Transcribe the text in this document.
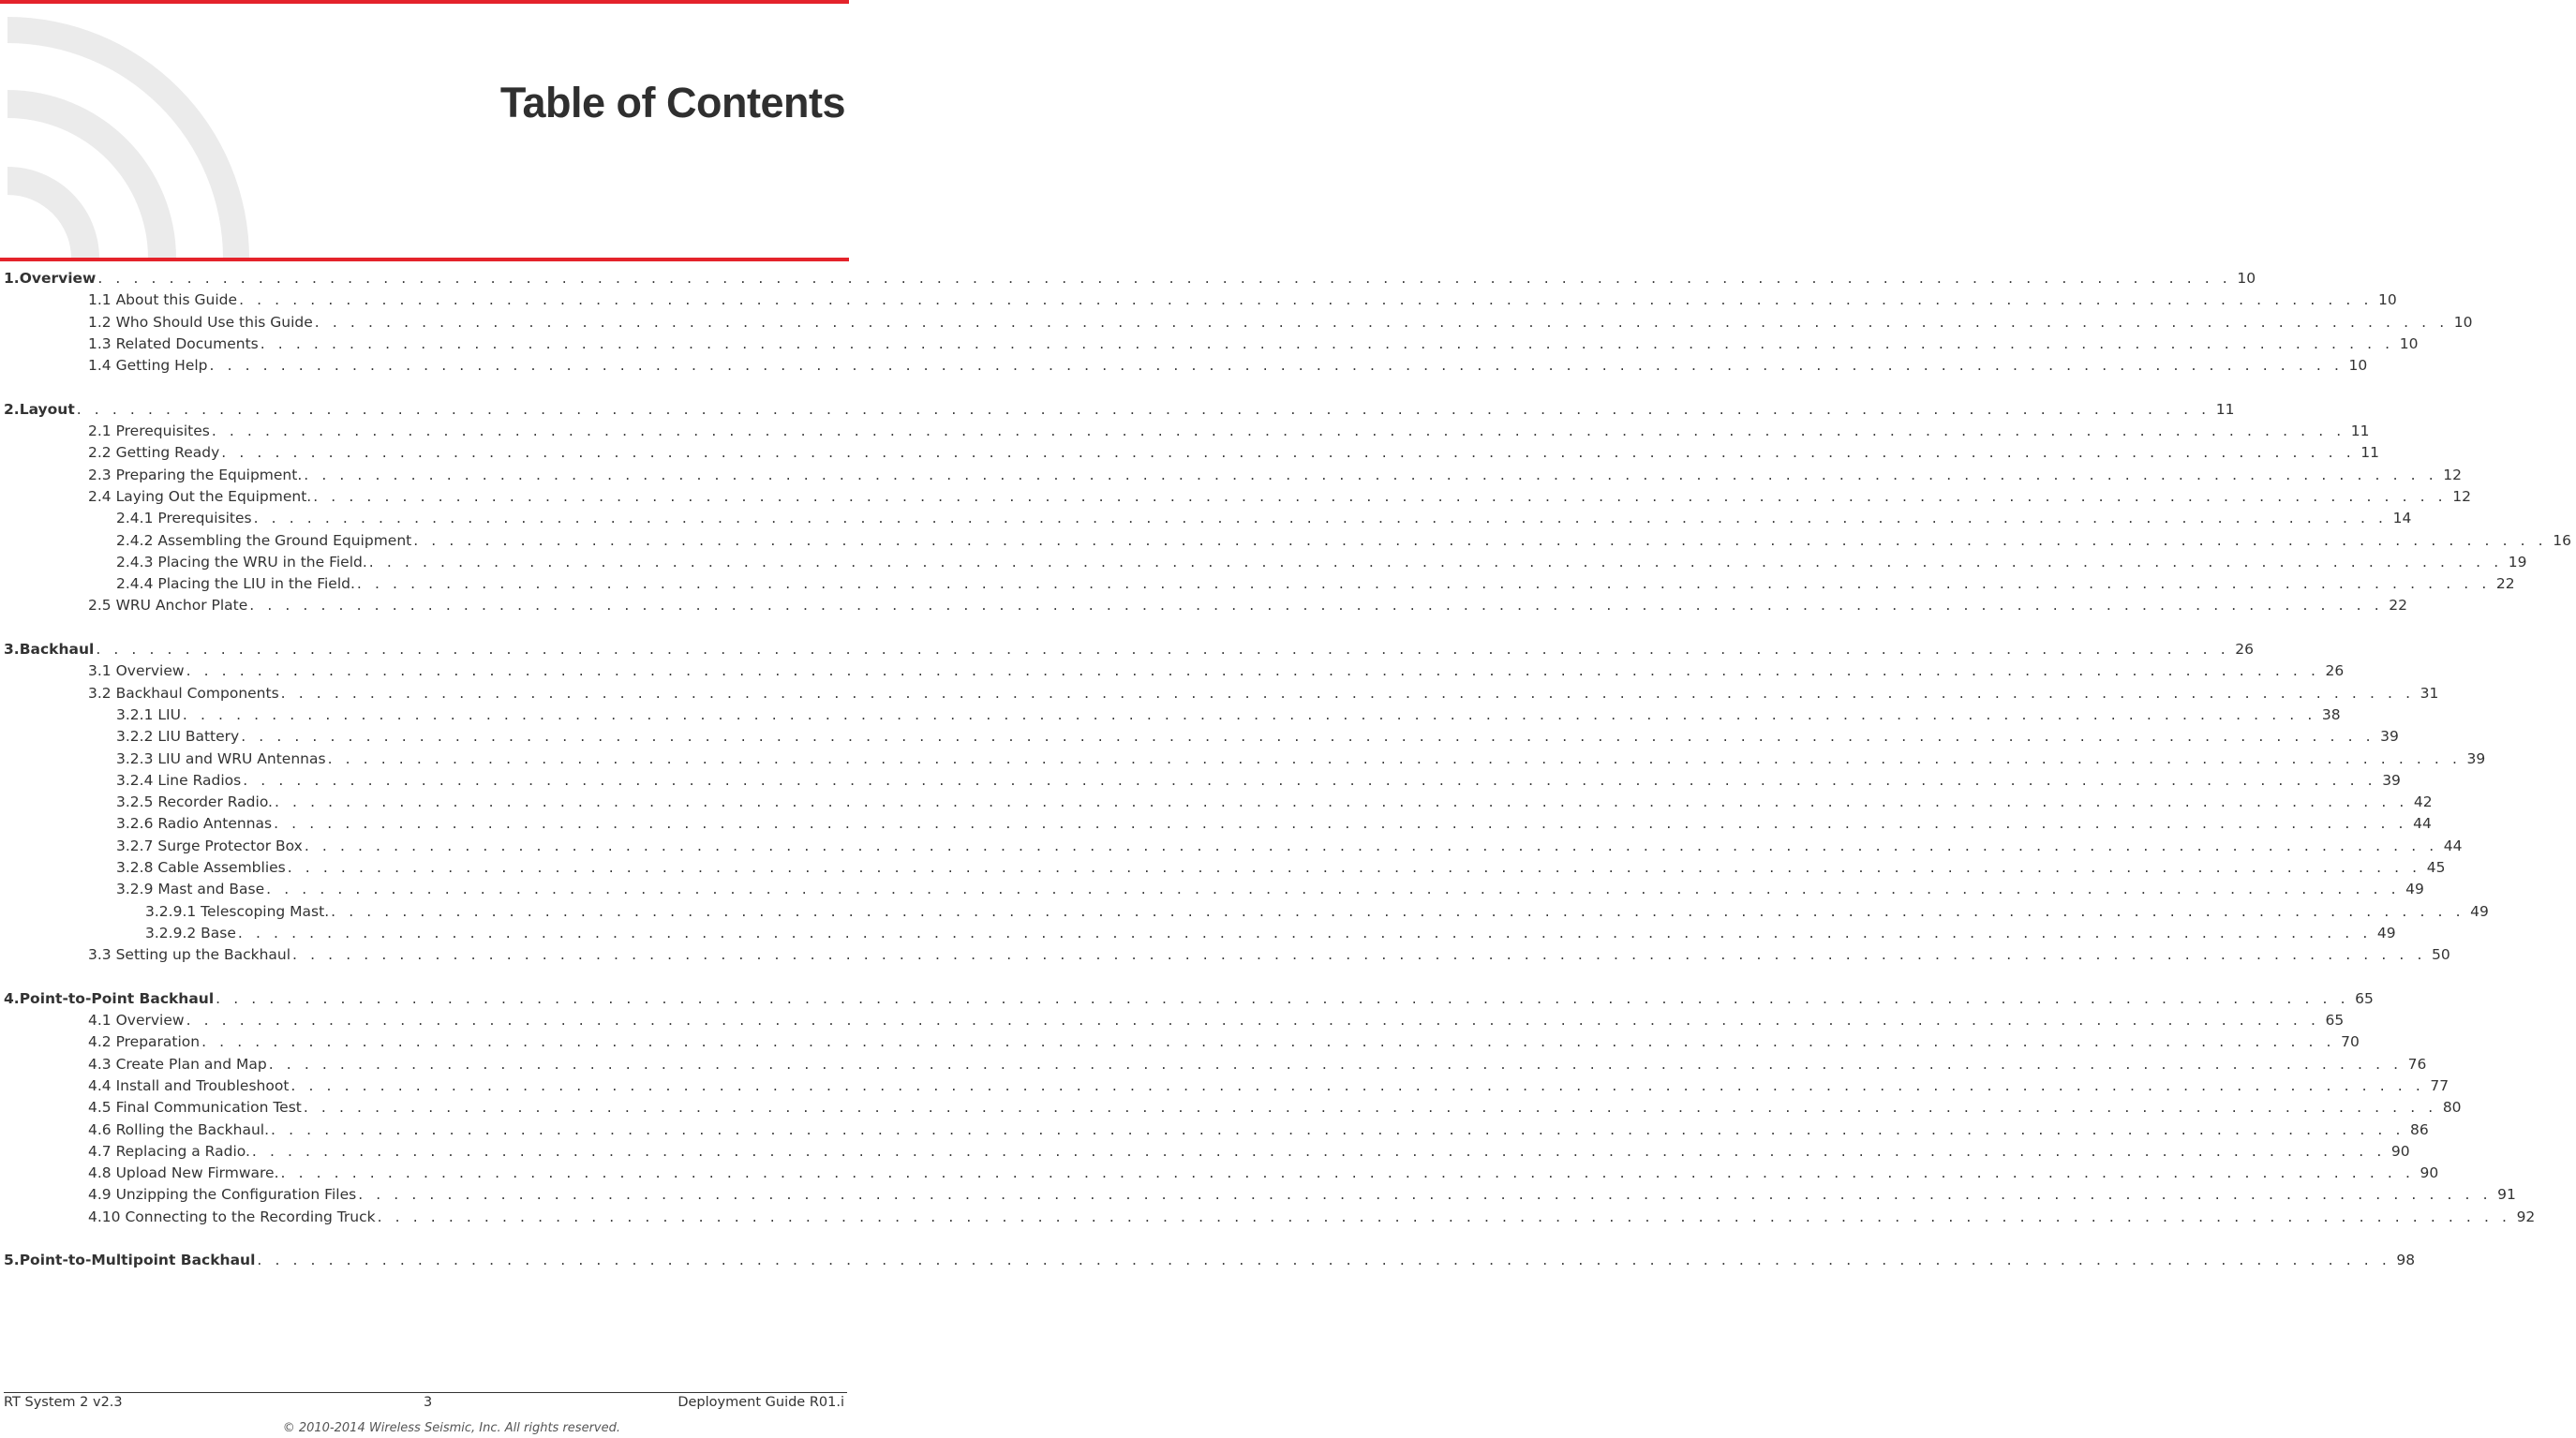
Table of Contents
1. Overview . . . . . . . . . . . . . . . . . . . . . . . . . . . . . . . . . . . . . . . . . . . . . . . . . . . . . . . . . . . . . . . . . . . . . . . . . . . . . . . . . . . . . . . . . . . . . . . . . . . . . . . . . . . . . . . . . . . . . . . . 10
1.1 About this Guide . . . . . . . . . . . . . . . . . . . . . . . . . . . . . . . . . . . . . . . . . . . . . . . . . . . . . . . . . . . . . . . . . . . . . . . . . . . . . . . . . . . . . . . . . . . . . . . . . . . . . . . . . . . . . . . . . . . . . . . . 10
1.2 Who Should Use this Guide . . . . . . . . . . . . . . . . . . . . . . . . . . . . . . . . . . . . . . . . . . . . . . . . . . . . . . . . . . . . . . . . . . . . . . . . . . . . . . . . . . . . . . . . . . . . . . . . . . . . . . . . . . . . . . . . . . . . . . . . 10
1.3 Related Documents . . . . . . . . . . . . . . . . . . . . . . . . . . . . . . . . . . . . . . . . . . . . . . . . . . . . . . . . . . . . . . . . . . . . . . . . . . . . . . . . . . . . . . . . . . . . . . . . . . . . . . . . . . . . . . . . . . . . . . . . 10
1.4 Getting Help . . . . . . . . . . . . . . . . . . . . . . . . . . . . . . . . . . . . . . . . . . . . . . . . . . . . . . . . . . . . . . . . . . . . . . . . . . . . . . . . . . . . . . . . . . . . . . . . . . . . . . . . . . . . . . . . . . . . . . . . 10
2. Layout . . . . . . . . . . . . . . . . . . . . . . . . . . . . . . . . . . . . . . . . . . . . . . . . . . . . . . . . . . . . . . . . . . . . . . . . . . . . . . . . . . . . . . . . . . . . . . . . . . . . . . . . . . . . . . . . . . . . . . . . 11
2.1 Prerequisites . . . . . . . . . . . . . . . . . . . . . . . . . . . . . . . . . . . . . . . . . . . . . . . . . . . . . . . . . . . . . . . . . . . . . . . . . . . . . . . . . . . . . . . . . . . . . . . . . . . . . . . . . . . . . . . . . . . . . . . . 11
2.2 Getting Ready . . . . . . . . . . . . . . . . . . . . . . . . . . . . . . . . . . . . . . . . . . . . . . . . . . . . . . . . . . . . . . . . . . . . . . . . . . . . . . . . . . . . . . . . . . . . . . . . . . . . . . . . . . . . . . . . . . . . . . . . 11
2.3 Preparing the Equipment. . . . . . . . . . . . . . . . . . . . . . . . . . . . . . . . . . . . . . . . . . . . . . . . . . . . . . . . . . . . . . . . . . . . . . . . . . . . . . . . . . . . . . . . . . . . . . . . . . . . . . . . . . . . . . . . . . . . . . . . . 12
2.4 Laying Out the Equipment. . . . . . . . . . . . . . . . . . . . . . . . . . . . . . . . . . . . . . . . . . . . . . . . . . . . . . . . . . . . . . . . . . . . . . . . . . . . . . . . . . . . . . . . . . . . . . . . . . . . . . . . . . . . . . . . . . . . . . . . . 12
2.4.1 Prerequisites . . . . . . . . . . . . . . . . . . . . . . . . . . . . . . . . . . . . . . . . . . . . . . . . . . . . . . . . . . . . . . . . . . . . . . . . . . . . . . . . . . . . . . . . . . . . . . . . . . . . . . . . . . . . . . . . . . . . . . . . 14
2.4.2 Assembling the Ground Equipment . . . . . . . . . . . . . . . . . . . . . . . . . . . . . . . . . . . . . . . . . . . . . . . . . . . . . . . . . . . . . . . . . . . . . . . . . . . . . . . . . . . . . . . . . . . . . . . . . . . . . . . . . . . . . . . . . . . . . . . . 16
2.4.3 Placing the WRU in the Field. . . . . . . . . . . . . . . . . . . . . . . . . . . . . . . . . . . . . . . . . . . . . . . . . . . . . . . . . . . . . . . . . . . . . . . . . . . . . . . . . . . . . . . . . . . . . . . . . . . . . . . . . . . . . . . . . . . . . . . . . 19
2.4.4 Placing the LIU in the Field. . . . . . . . . . . . . . . . . . . . . . . . . . . . . . . . . . . . . . . . . . . . . . . . . . . . . . . . . . . . . . . . . . . . . . . . . . . . . . . . . . . . . . . . . . . . . . . . . . . . . . . . . . . . . . . . . . . . . . . . . 22
2.5 WRU Anchor Plate . . . . . . . . . . . . . . . . . . . . . . . . . . . . . . . . . . . . . . . . . . . . . . . . . . . . . . . . . . . . . . . . . . . . . . . . . . . . . . . . . . . . . . . . . . . . . . . . . . . . . . . . . . . . . . . . . . . . . . . . 22
3. Backhaul . . . . . . . . . . . . . . . . . . . . . . . . . . . . . . . . . . . . . . . . . . . . . . . . . . . . . . . . . . . . . . . . . . . . . . . . . . . . . . . . . . . . . . . . . . . . . . . . . . . . . . . . . . . . . . . . . . . . . . . . 26
3.1 Overview . . . . . . . . . . . . . . . . . . . . . . . . . . . . . . . . . . . . . . . . . . . . . . . . . . . . . . . . . . . . . . . . . . . . . . . . . . . . . . . . . . . . . . . . . . . . . . . . . . . . . . . . . . . . . . . . . . . . . . . . 26
3.2 Backhaul Components . . . . . . . . . . . . . . . . . . . . . . . . . . . . . . . . . . . . . . . . . . . . . . . . . . . . . . . . . . . . . . . . . . . . . . . . . . . . . . . . . . . . . . . . . . . . . . . . . . . . . . . . . . . . . . . . . . . . . . . . 31
3.2.1 LIU . . . . . . . . . . . . . . . . . . . . . . . . . . . . . . . . . . . . . . . . . . . . . . . . . . . . . . . . . . . . . . . . . . . . . . . . . . . . . . . . . . . . . . . . . . . . . . . . . . . . . . . . . . . . . . . . . . . . . . . . 38
3.2.2 LIU Battery . . . . . . . . . . . . . . . . . . . . . . . . . . . . . . . . . . . . . . . . . . . . . . . . . . . . . . . . . . . . . . . . . . . . . . . . . . . . . . . . . . . . . . . . . . . . . . . . . . . . . . . . . . . . . . . . . . . . . . . . 39
3.2.3 LIU and WRU Antennas . . . . . . . . . . . . . . . . . . . . . . . . . . . . . . . . . . . . . . . . . . . . . . . . . . . . . . . . . . . . . . . . . . . . . . . . . . . . . . . . . . . . . . . . . . . . . . . . . . . . . . . . . . . . . . . . . . . . . . . . 39
3.2.4 Line Radios . . . . . . . . . . . . . . . . . . . . . . . . . . . . . . . . . . . . . . . . . . . . . . . . . . . . . . . . . . . . . . . . . . . . . . . . . . . . . . . . . . . . . . . . . . . . . . . . . . . . . . . . . . . . . . . . . . . . . . . . 39
3.2.5 Recorder Radio. . . . . . . . . . . . . . . . . . . . . . . . . . . . . . . . . . . . . . . . . . . . . . . . . . . . . . . . . . . . . . . . . . . . . . . . . . . . . . . . . . . . . . . . . . . . . . . . . . . . . . . . . . . . . . . . . . . . . . . . . 42
3.2.6 Radio Antennas . . . . . . . . . . . . . . . . . . . . . . . . . . . . . . . . . . . . . . . . . . . . . . . . . . . . . . . . . . . . . . . . . . . . . . . . . . . . . . . . . . . . . . . . . . . . . . . . . . . . . . . . . . . . . . . . . . . . . . . . 44
3.2.7 Surge Protector Box . . . . . . . . . . . . . . . . . . . . . . . . . . . . . . . . . . . . . . . . . . . . . . . . . . . . . . . . . . . . . . . . . . . . . . . . . . . . . . . . . . . . . . . . . . . . . . . . . . . . . . . . . . . . . . . . . . . . . . . . 44
3.2.8 Cable Assemblies . . . . . . . . . . . . . . . . . . . . . . . . . . . . . . . . . . . . . . . . . . . . . . . . . . . . . . . . . . . . . . . . . . . . . . . . . . . . . . . . . . . . . . . . . . . . . . . . . . . . . . . . . . . . . . . . . . . . . . . . 45
3.2.9 Mast and Base . . . . . . . . . . . . . . . . . . . . . . . . . . . . . . . . . . . . . . . . . . . . . . . . . . . . . . . . . . . . . . . . . . . . . . . . . . . . . . . . . . . . . . . . . . . . . . . . . . . . . . . . . . . . . . . . . . . . . . . . 49
3.2.9.1 Telescoping Mast. . . . . . . . . . . . . . . . . . . . . . . . . . . . . . . . . . . . . . . . . . . . . . . . . . . . . . . . . . . . . . . . . . . . . . . . . . . . . . . . . . . . . . . . . . . . . . . . . . . . . . . . . . . . . . . . . . . . . . . . . 49
3.2.9.2 Base . . . . . . . . . . . . . . . . . . . . . . . . . . . . . . . . . . . . . . . . . . . . . . . . . . . . . . . . . . . . . . . . . . . . . . . . . . . . . . . . . . . . . . . . . . . . . . . . . . . . . . . . . . . . . . . . . . . . . . . . 49
3.3 Setting up the Backhaul . . . . . . . . . . . . . . . . . . . . . . . . . . . . . . . . . . . . . . . . . . . . . . . . . . . . . . . . . . . . . . . . . . . . . . . . . . . . . . . . . . . . . . . . . . . . . . . . . . . . . . . . . . . . . . . . . . . . . . . . 50
4. Point-to-Point Backhaul . . . . . . . . . . . . . . . . . . . . . . . . . . . . . . . . . . . . . . . . . . . . . . . . . . . . . . . . . . . . . . . . . . . . . . . . . . . . . . . . . . . . . . . . . . . . . . . . . . . . . . . . . . . . . . . . . . . . . . . . 65
4.1 Overview . . . . . . . . . . . . . . . . . . . . . . . . . . . . . . . . . . . . . . . . . . . . . . . . . . . . . . . . . . . . . . . . . . . . . . . . . . . . . . . . . . . . . . . . . . . . . . . . . . . . . . . . . . . . . . . . . . . . . . . . 65
4.2 Preparation . . . . . . . . . . . . . . . . . . . . . . . . . . . . . . . . . . . . . . . . . . . . . . . . . . . . . . . . . . . . . . . . . . . . . . . . . . . . . . . . . . . . . . . . . . . . . . . . . . . . . . . . . . . . . . . . . . . . . . . . 70
4.3 Create Plan and Map . . . . . . . . . . . . . . . . . . . . . . . . . . . . . . . . . . . . . . . . . . . . . . . . . . . . . . . . . . . . . . . . . . . . . . . . . . . . . . . . . . . . . . . . . . . . . . . . . . . . . . . . . . . . . . . . . . . . . . . . 76
4.4 Install and Troubleshoot . . . . . . . . . . . . . . . . . . . . . . . . . . . . . . . . . . . . . . . . . . . . . . . . . . . . . . . . . . . . . . . . . . . . . . . . . . . . . . . . . . . . . . . . . . . . . . . . . . . . . . . . . . . . . . . . . . . . . . . . 77
4.5 Final Communication Test . . . . . . . . . . . . . . . . . . . . . . . . . . . . . . . . . . . . . . . . . . . . . . . . . . . . . . . . . . . . . . . . . . . . . . . . . . . . . . . . . . . . . . . . . . . . . . . . . . . . . . . . . . . . . . . . . . . . . . . . 80
4.6 Rolling the Backhaul. . . . . . . . . . . . . . . . . . . . . . . . . . . . . . . . . . . . . . . . . . . . . . . . . . . . . . . . . . . . . . . . . . . . . . . . . . . . . . . . . . . . . . . . . . . . . . . . . . . . . . . . . . . . . . . . . . . . . . . . . 86
4.7 Replacing a Radio. . . . . . . . . . . . . . . . . . . . . . . . . . . . . . . . . . . . . . . . . . . . . . . . . . . . . . . . . . . . . . . . . . . . . . . . . . . . . . . . . . . . . . . . . . . . . . . . . . . . . . . . . . . . . . . . . . . . . . . . . 90
4.8 Upload New Firmware. . . . . . . . . . . . . . . . . . . . . . . . . . . . . . . . . . . . . . . . . . . . . . . . . . . . . . . . . . . . . . . . . . . . . . . . . . . . . . . . . . . . . . . . . . . . . . . . . . . . . . . . . . . . . . . . . . . . . . . . . 90
4.9 Unzipping the Configuration Files . . . . . . . . . . . . . . . . . . . . . . . . . . . . . . . . . . . . . . . . . . . . . . . . . . . . . . . . . . . . . . . . . . . . . . . . . . . . . . . . . . . . . . . . . . . . . . . . . . . . . . . . . . . . . . . . . . . . . . . . 91
4.10 Connecting to the Recording Truck . . . . . . . . . . . . . . . . . . . . . . . . . . . . . . . . . . . . . . . . . . . . . . . . . . . . . . . . . . . . . . . . . . . . . . . . . . . . . . . . . . . . . . . . . . . . . . . . . . . . . . . . . . . . . . . . . . . . . . . . 92
5. Point-to-Multipoint Backhaul . . . . . . . . . . . . . . . . . . . . . . . . . . . . . . . . . . . . . . . . . . . . . . . . . . . . . . . . . . . . . . . . . . . . . . . . . . . . . . . . . . . . . . . . . . . . . . . . . . . . . . . . . . . . . . . . . . . . . . . . 98
RT System 2 v2.3	3	Deployment Guide R01.i
© 2010-2014 Wireless Seismic, Inc. All rights reserved.
